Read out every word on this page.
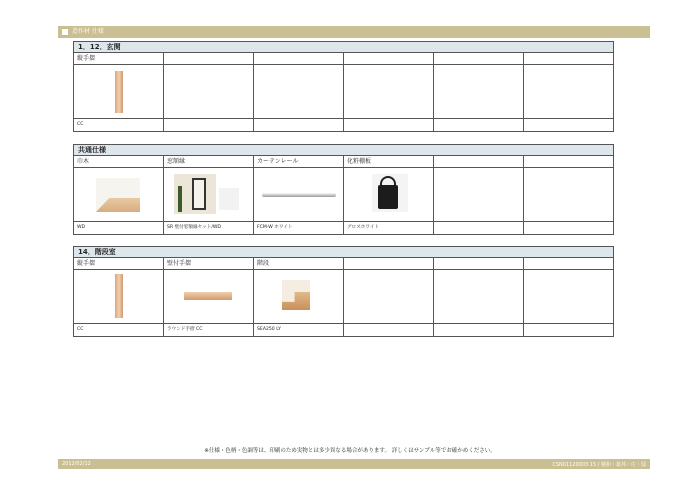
造作材 仕様
1．12．玄関
縦手摺
CC
共通仕様
巾木
WD
窓額縁
SR 壁付窓額縁セット/WD
カーテンレール
FCM-W ホワイト
化粧棚板
グロスホワイト
14．階段室
縦手摺
CC
壁付手摺
ラウンド手摺 CC
階段
SEA250 LY
※仕様・色柄・色調等は、印刷のため実物とは多少異なる場合があります。 詳しくはサンプル等でお確かめください。
2012/02/12	CSN01120003 15 / 積和・築邦・庄・邸
